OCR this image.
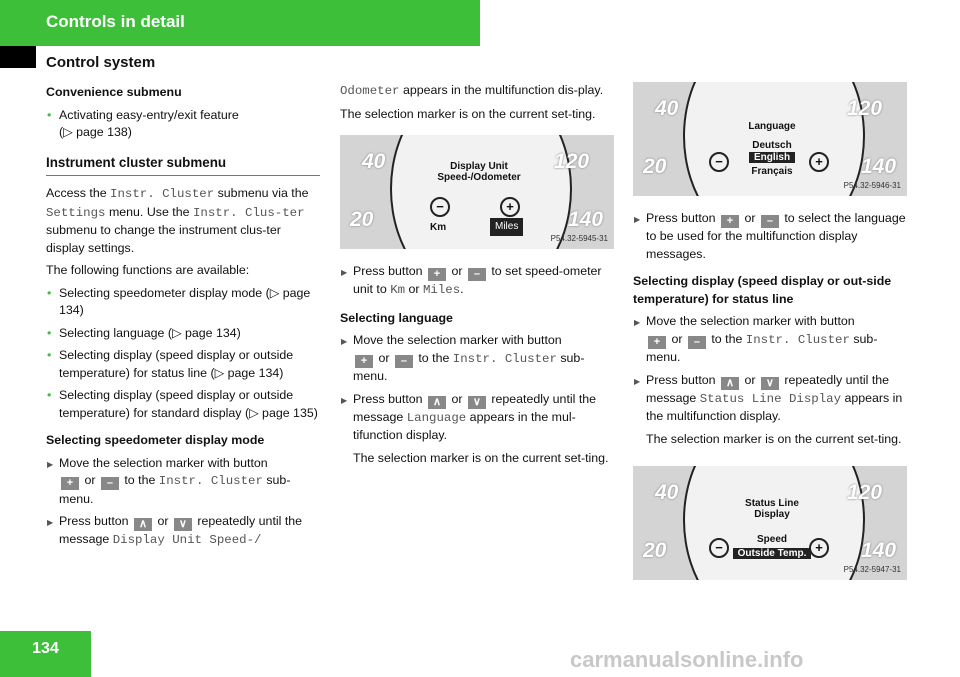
Controls in detail
Control system

Convenience submenu

• Activating easy-entry/exit feature
(▷ page 138)

Instrument cluster submenu

Access the Instr. Cluster submenu via the Settings menu. Use the Instr. Clus-ter submenu to change the instrument clus-ter display settings.

The following functions are available:

• Selecting speedometer display mode (▷ page 134)

• Selecting language (▷ page 134)

• Selecting display (speed display or outside temperature) for status line (▷ page 134)

• Selecting display (speed display or outside temperature) for standard display (▷ page 135)

Selecting speedometer display mode

▶ Move the selection marker with button
+ or – to the Instr. Cluster sub-menu.

▶ Press button ∧ or ∨ repeatedly until the message Display Unit Speed-/

Odometer appears in the multifunction dis-play.

The selection marker is on the current set-ting.

40
20
120
140
Display Unit
Speed-/Odometer
−	+
Km	Miles
P54.32-5945-31

▶ Press button + or – to set speed-ometer unit to Km or Miles.

Selecting language

▶ Move the selection marker with button
+ or – to the Instr. Cluster sub-menu.

▶ Press button ∧ or ∨ repeatedly until the message Language appears in the mul-tifunction display.

The selection marker is on the current set-ting.

40
20
120
140
Language
Deutsch
English
Français
−	+
P54.32-5946-31

▶ Press button + or – to select the language to be used for the multifunction display messages.

Selecting display (speed display or out-side temperature) for status line

▶ Move the selection marker with button
+ or – to the Instr. Cluster sub-menu.

▶ Press button ∧ or ∨ repeatedly until the message Status Line Display appears in the multifunction display.

The selection marker is on the current set-ting.

40
20
120
140
Status Line
Display
Speed
Outside Temp.
−	+
P54.32-5947-31
134	carmanualsonline.info
